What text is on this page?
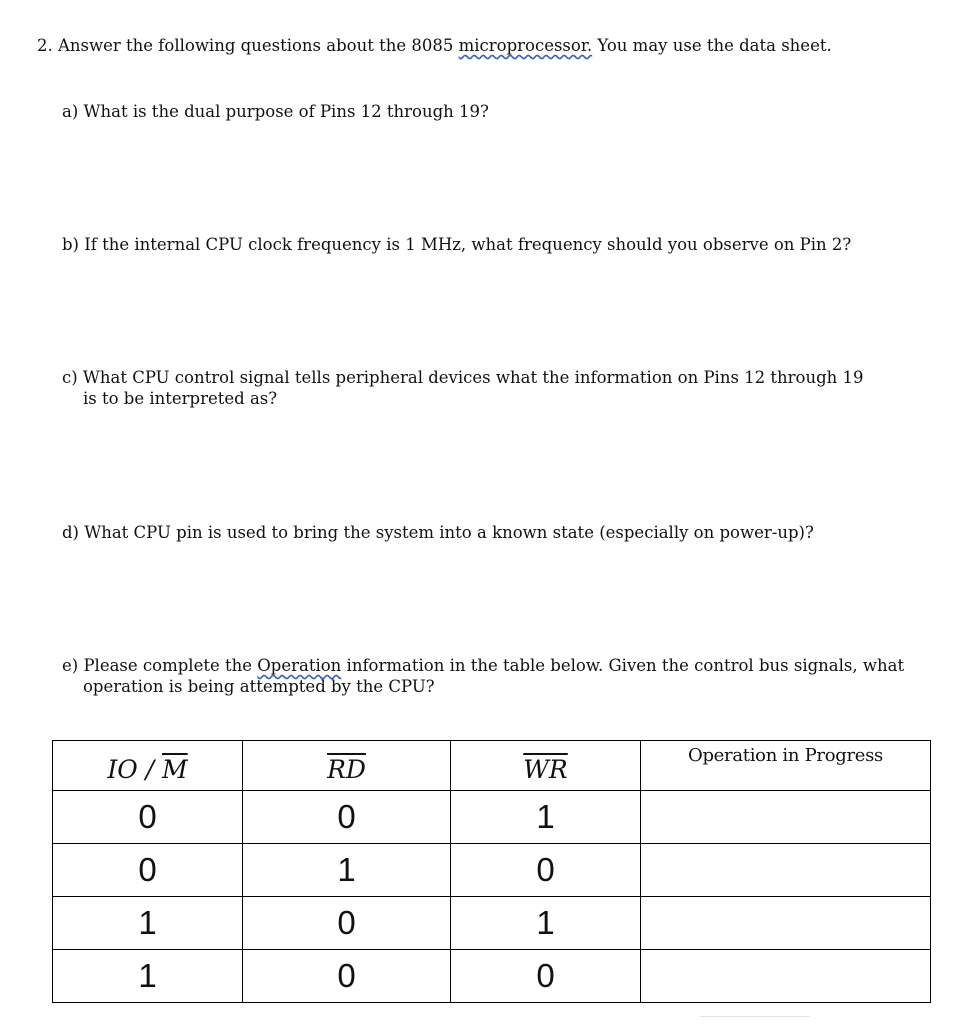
2. Answer the following questions about the 8085 microprocessor. You may use the data sheet.

a) What is the dual purpose of Pins 12 through 19?

b) If the internal CPU clock frequency is 1 MHz, what frequency should you observe on Pin 2?

c) What CPU control signal tells peripheral devices what the information on Pins 12 through 19
is to be interpreted as?

d) What CPU pin is used to bring the system into a known state (especially on power-up)?

e) Please complete the Operation information in the table below. Given the control bus signals, what
operation is being attempted by the CPU?

IO / $\overline{M}$	$\overline{RD}$	$\overline{WR}$	Operation in Progress
0	0	1	
0	1	0	
1	0	1	
1	0	0	
